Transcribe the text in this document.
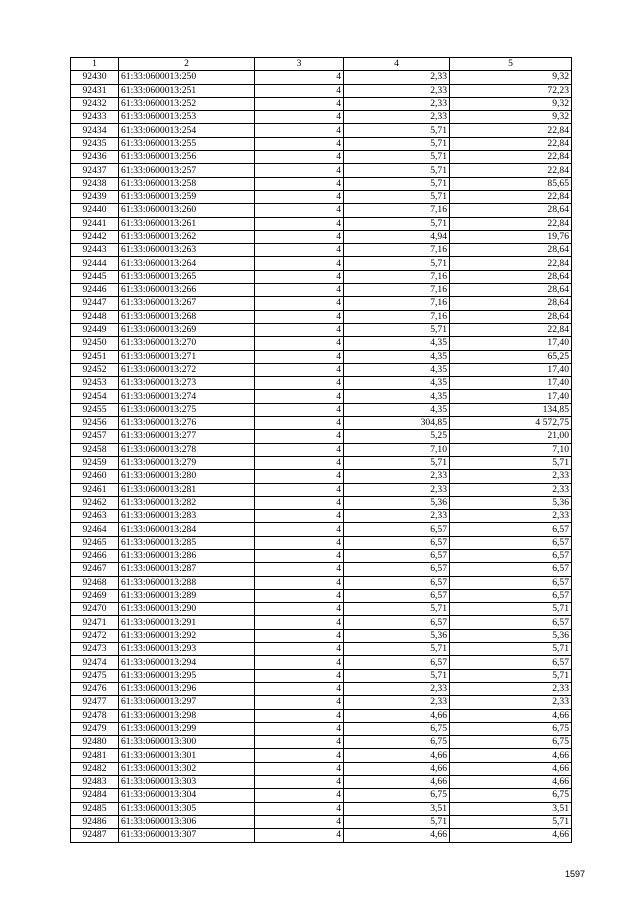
1	2	3	4	5
92430	61:33:0600013:250	4	2,33	9,32
92431	61:33:0600013:251	4	2,33	72,23
92432	61:33:0600013:252	4	2,33	9,32
92433	61:33:0600013:253	4	2,33	9,32
92434	61:33:0600013:254	4	5,71	22,84
92435	61:33:0600013:255	4	5,71	22,84
92436	61:33:0600013:256	4	5,71	22,84
92437	61:33:0600013:257	4	5,71	22,84
92438	61:33:0600013:258	4	5,71	85,65
92439	61:33:0600013:259	4	5,71	22,84
92440	61:33:0600013:260	4	7,16	28,64
92441	61:33:0600013:261	4	5,71	22,84
92442	61:33:0600013:262	4	4,94	19,76
92443	61:33:0600013:263	4	7,16	28,64
92444	61:33:0600013:264	4	5,71	22,84
92445	61:33:0600013:265	4	7,16	28,64
92446	61:33:0600013:266	4	7,16	28,64
92447	61:33:0600013:267	4	7,16	28,64
92448	61:33:0600013:268	4	7,16	28,64
92449	61:33:0600013:269	4	5,71	22,84
92450	61:33:0600013:270	4	4,35	17,40
92451	61:33:0600013:271	4	4,35	65,25
92452	61:33:0600013:272	4	4,35	17,40
92453	61:33:0600013:273	4	4,35	17,40
92454	61:33:0600013:274	4	4,35	17,40
92455	61:33:0600013:275	4	4,35	134,85
92456	61:33:0600013:276	4	304,85	4 572,75
92457	61:33:0600013:277	4	5,25	21,00
92458	61:33:0600013:278	4	7,10	7,10
92459	61:33:0600013:279	4	5,71	5,71
92460	61:33:0600013:280	4	2,33	2,33
92461	61:33:0600013:281	4	2,33	2,33
92462	61:33:0600013:282	4	5,36	5,36
92463	61:33:0600013:283	4	2,33	2,33
92464	61:33:0600013:284	4	6,57	6,57
92465	61:33:0600013:285	4	6,57	6,57
92466	61:33:0600013:286	4	6,57	6,57
92467	61:33:0600013:287	4	6,57	6,57
92468	61:33:0600013:288	4	6,57	6,57
92469	61:33:0600013:289	4	6,57	6,57
92470	61:33:0600013:290	4	5,71	5,71
92471	61:33:0600013:291	4	6,57	6,57
92472	61:33:0600013:292	4	5,36	5,36
92473	61:33:0600013:293	4	5,71	5,71
92474	61:33:0600013:294	4	6,57	6,57
92475	61:33:0600013:295	4	5,71	5,71
92476	61:33:0600013:296	4	2,33	2,33
92477	61:33:0600013:297	4	2,33	2,33
92478	61:33:0600013:298	4	4,66	4,66
92479	61:33:0600013:299	4	6,75	6,75
92480	61:33:0600013:300	4	6,75	6,75
92481	61:33:0600013:301	4	4,66	4,66
92482	61:33:0600013:302	4	4,66	4,66
92483	61:33:0600013:303	4	4,66	4,66
92484	61:33:0600013:304	4	6,75	6,75
92485	61:33:0600013:305	4	3,51	3,51
92486	61:33:0600013:306	4	5,71	5,71
92487	61:33:0600013:307	4	4,66	4,66
1597
